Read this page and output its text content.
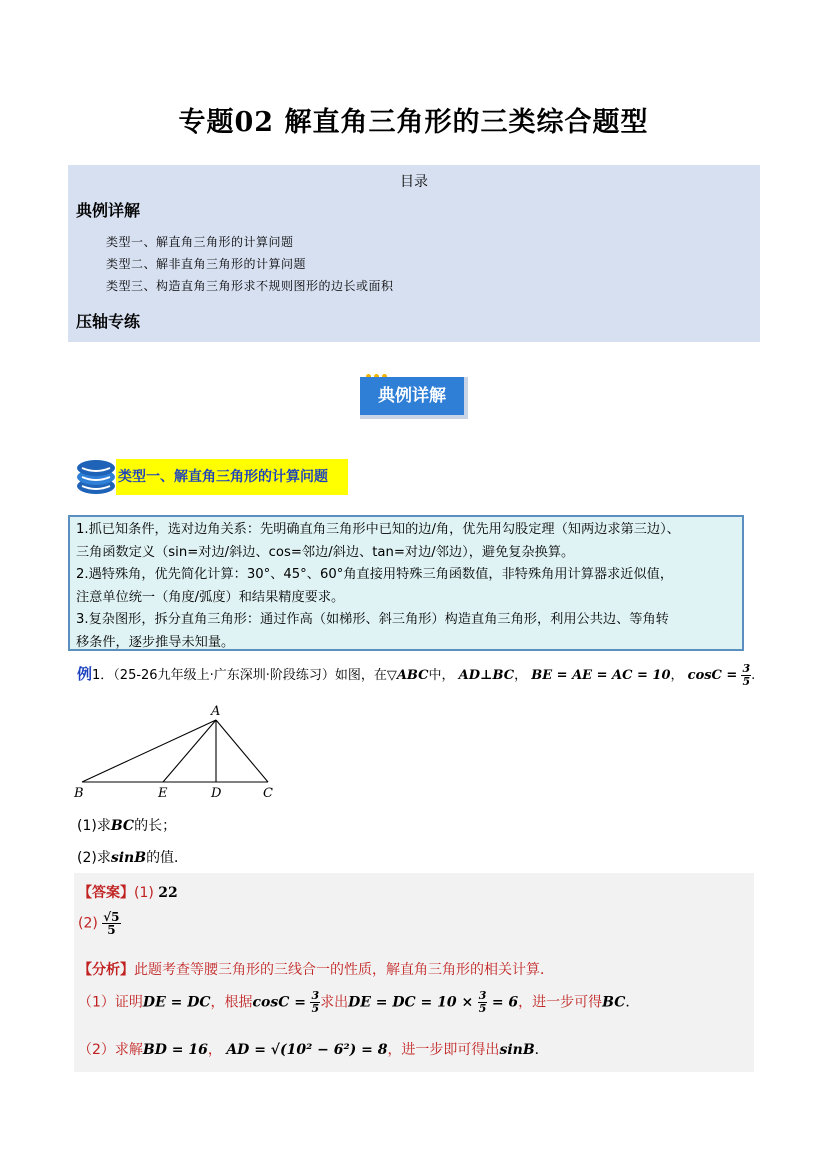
专题02 解直角三角形的三类综合题型
目录
典例详解
类型一、解直角三角形的计算问题
类型二、解非直角三角形的计算问题
类型三、构造直角三角形求不规则图形的边长或面积
压轴专练
典例详解
类型一、解直角三角形的计算问题
1.抓已知条件，选对边角关系：先明确直角三角形中已知的边/角，优先用勾股定理（知两边求第三边）、
三角函数定义（sin=对边/斜边、cos=邻边/斜边、tan=对边/邻边），避免复杂换算。
2.遇特殊角，优先简化计算：30°、45°、60°角直接用特殊三角函数值，非特殊角用计算器求近似值，
注意单位统一（角度/弧度）和结果精度要求。
3.复杂图形，拆分直角三角形：通过作高（如梯形、斜三角形）构造直角三角形，利用公共边、等角转
移条件，逐步推导未知量。
例1．（25-26九年级上·广东深圳·阶段练习）如图，在▽ABC中， AD⊥BC， BE = AE = AC = 10， $\cos C = \frac{3}{5}$ .
A
B	E	D	C
(1)求BC的长；
(2)求sinB的值．
【答案】(1) 22
$(2) \frac{√5}{5}$
【分析】此题考查等腰三角形的三线合一的性质，解直角三角形的相关计算．
（1）证明DE = DC，根据$\cos C = \frac{3}{5}$ 求出DE = DC = $10 \times \frac{3}{5} = 6$，进一步可得BC．
（2）求解BD = 16， AD = √(10² − 6²) = 8，进一步即可得出sinB．
